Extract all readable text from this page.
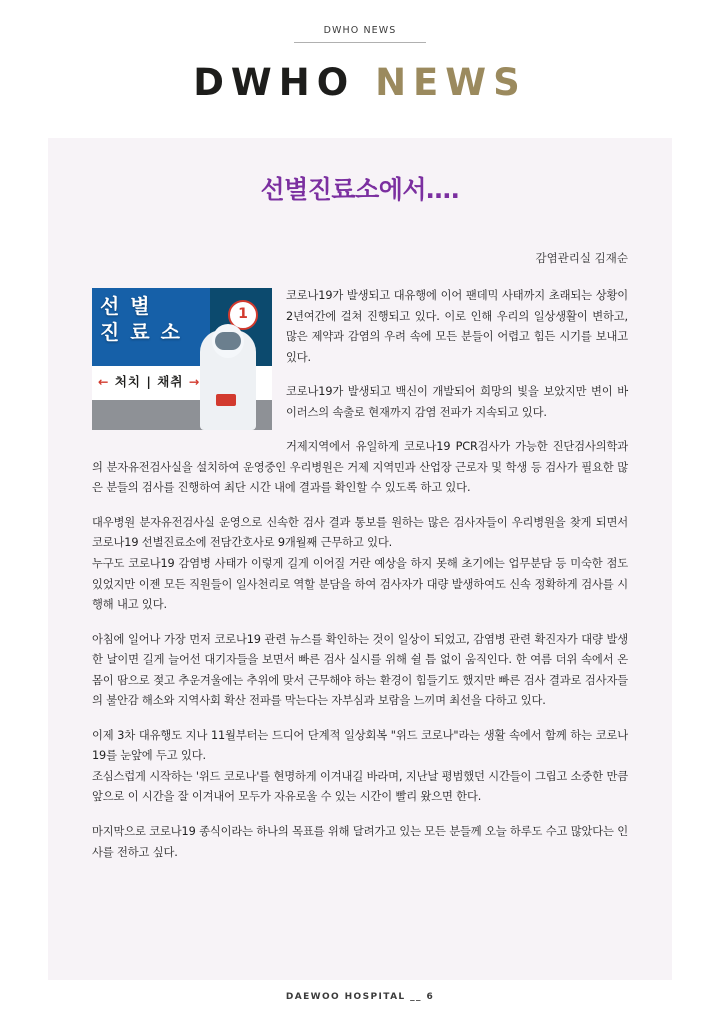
DWHO NEWS
DWHO NEWS
선별진료소에서….
감염관리실 김재순
선 별
진 료 소
1
← 처치 | 채취 →

코로나19가 발생되고 대유행에 이어 팬데믹 사태까지 초래되는 상황이 2년여간에 걸쳐 진행되고 있다. 이로 인해 우리의 일상생활이 변하고, 많은 제약과 감염의 우려 속에 모든 분들이 어렵고 힘든 시기를 보내고 있다.

코로나19가 발생되고 백신이 개발되어 희망의 빛을 보았지만 변이 바이러스의 속출로 현재까지 감염 전파가 지속되고 있다.

거제지역에서 유일하게 코로나19 PCR검사가 가능한 진단검사의학과의 분자유전검사실을 설치하여 운영중인 우리병원은 거제 지역민과 산업장 근로자 및 학생 등 검사가 필요한 많은 분들의 검사를 진행하여 최단 시간 내에 결과를 확인할 수 있도록 하고 있다.

대우병원 분자유전검사실 운영으로 신속한 검사 결과 통보를 원하는 많은 검사자들이 우리병원을 찾게 되면서 코로나19 선별진료소에 전담간호사로 9개월째 근무하고 있다.

누구도 코로나19 감염병 사태가 이렇게 길게 이어질 거란 예상을 하지 못해 초기에는 업무분담 등 미숙한 점도 있었지만 이젠 모든 직원들이 일사천리로 역할 분담을 하여 검사자가 대량 발생하여도 신속 정확하게 검사를 시행해 내고 있다.

아침에 일어나 가장 먼저 코로나19 관련 뉴스를 확인하는 것이 일상이 되었고, 감염병 관련 확진자가 대량 발생한 날이면 길게 늘어선 대기자들을 보면서 빠른 검사 실시를 위해 쉴 틈 없이 움직인다. 한 여름 더위 속에서 온몸이 땀으로 젖고 추운겨울에는 추위에 맞서 근무해야 하는 환경이 힘들기도 했지만 빠른 검사 결과로 검사자들의 불안감 해소와 지역사회 확산 전파를 막는다는 자부심과 보람을 느끼며 최선을 다하고 있다.

이제 3차 대유행도 지나 11월부터는 드디어 단계적 일상회복 "위드 코로나"라는 생활 속에서 함께 하는 코로나19를 눈앞에 두고 있다.

조심스럽게 시작하는 '위드 코로나'를 현명하게 이겨내길 바라며, 지난날 평범했던 시간들이 그립고 소중한 만큼 앞으로 이 시간을 잘 이겨내어 모두가 자유로울 수 있는 시간이 빨리 왔으면 한다.

마지막으로 코로나19 종식이라는 하나의 목표를 위해 달려가고 있는 모든 분들께 오늘 하루도 수고 많았다는 인사를 전하고 싶다.

DAEWOO HOSPITAL __ 6
